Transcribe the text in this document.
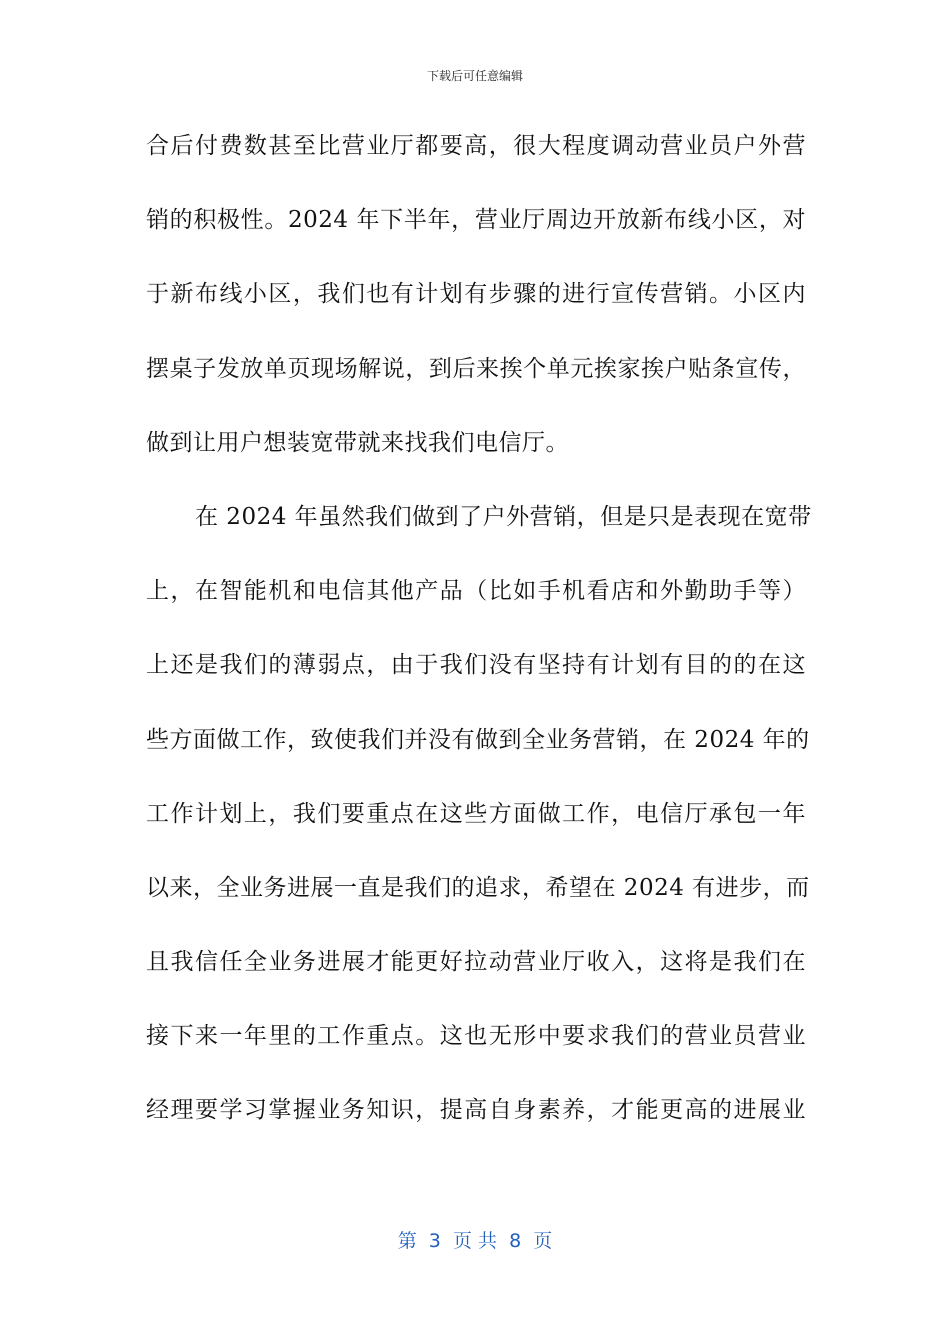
下载后可任意编辑
合后付费数甚至比营业厅都要高，很大程度调动营业员户外营
销的积极性。2024 年下半年，营业厅周边开放新布线小区，对
于新布线小区，我们也有计划有步骤的进行宣传营销。小区内
摆桌子发放单页现场解说，到后来挨个单元挨家挨户贴条宣传，
做到让用户想装宽带就来找我们电信厅。
在 2024 年虽然我们做到了户外营销，但是只是表现在宽带
上，在智能机和电信其他产品（比如手机看店和外勤助手等）
上还是我们的薄弱点，由于我们没有坚持有计划有目的的在这
些方面做工作，致使我们并没有做到全业务营销，在 2024 年的
工作计划上，我们要重点在这些方面做工作，电信厅承包一年
以来，全业务进展一直是我们的追求，希望在 2024 有进步，而
且我信任全业务进展才能更好拉动营业厅收入，这将是我们在
接下来一年里的工作重点。这也无形中要求我们的营业员营业
经理要学习掌握业务知识，提高自身素养，才能更高的进展业
第  3  页 共  8  页
